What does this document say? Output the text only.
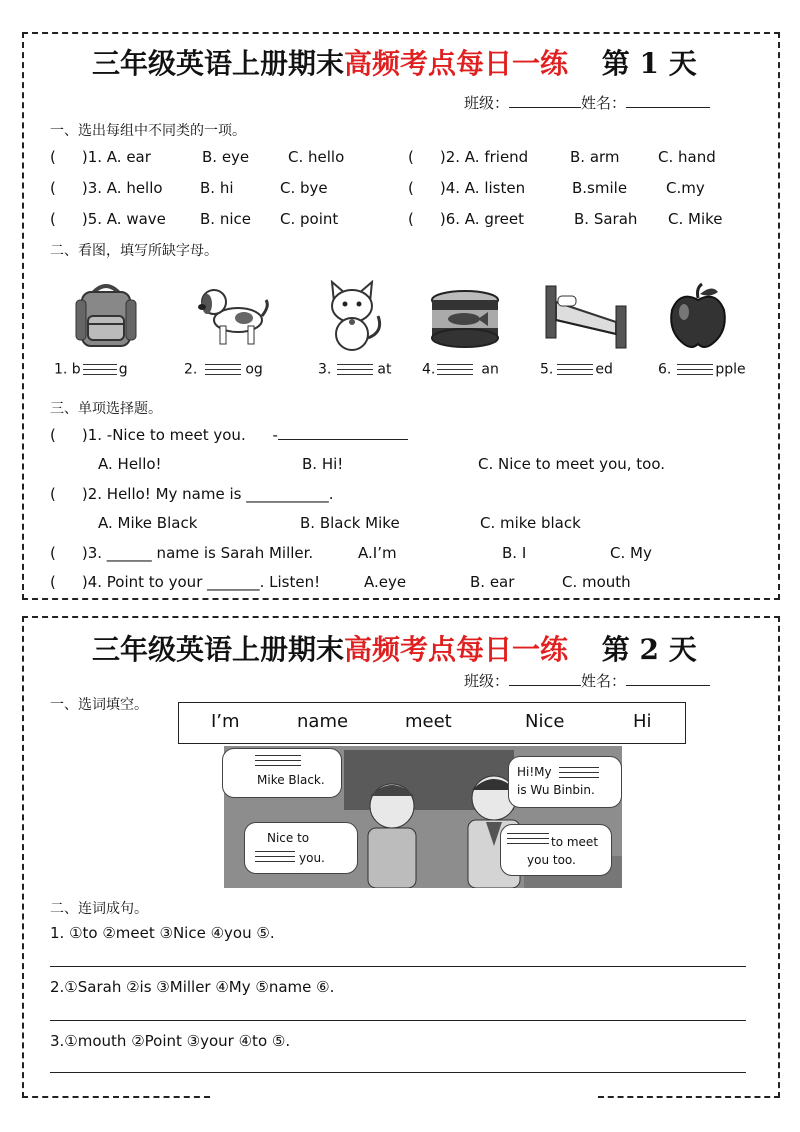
三年级英语上册期末高频考点每日一练 第 1 天
班级：	姓名：
一、选出每组中不同类的一项。
( )1. A. ear	B. eye	C. hello	( )2. A. friend	B. arm	C. hand
( )3. A. hello B. hi	C. bye	( )4. A. listen	B.smile	C.my
( )5. A. wave B. nice C. point	( )6. A. greet	B. Sarah C. Mike
二、看图，填写所缺字母。
1. b	g	2.	og	3.	at 4.	an	5.	ed	6.	pple
三、单项选择题。
( )1. -Nice to meet you. -
A. Hello!	B. Hi!	C. Nice to meet you, too.
( )2. Hello! My name is ___________.
A. Mike Black	B. Black Mike	C. mike black
( )3. ______ name is Sarah Miller.	A.I’m	B. I	C. My
( )4. Point to your _______. Listen!	A.eye	B. ear	C. mouth
三年级英语上册期末高频考点每日一练 第 2 天
班级：	姓名：
一、选词填空。
I’m	name	meet	Nice	Hi
Mike Black.
Hi!My
is Wu Binbin.
Nice to
you.
to meet
you too.
二、连词成句。
1. ①to ②meet ③Nice ④you ⑤.
2.①Sarah ②is ③Miller ④My ⑤name ⑥.
3.①mouth ②Point ③your ④to ⑤.
